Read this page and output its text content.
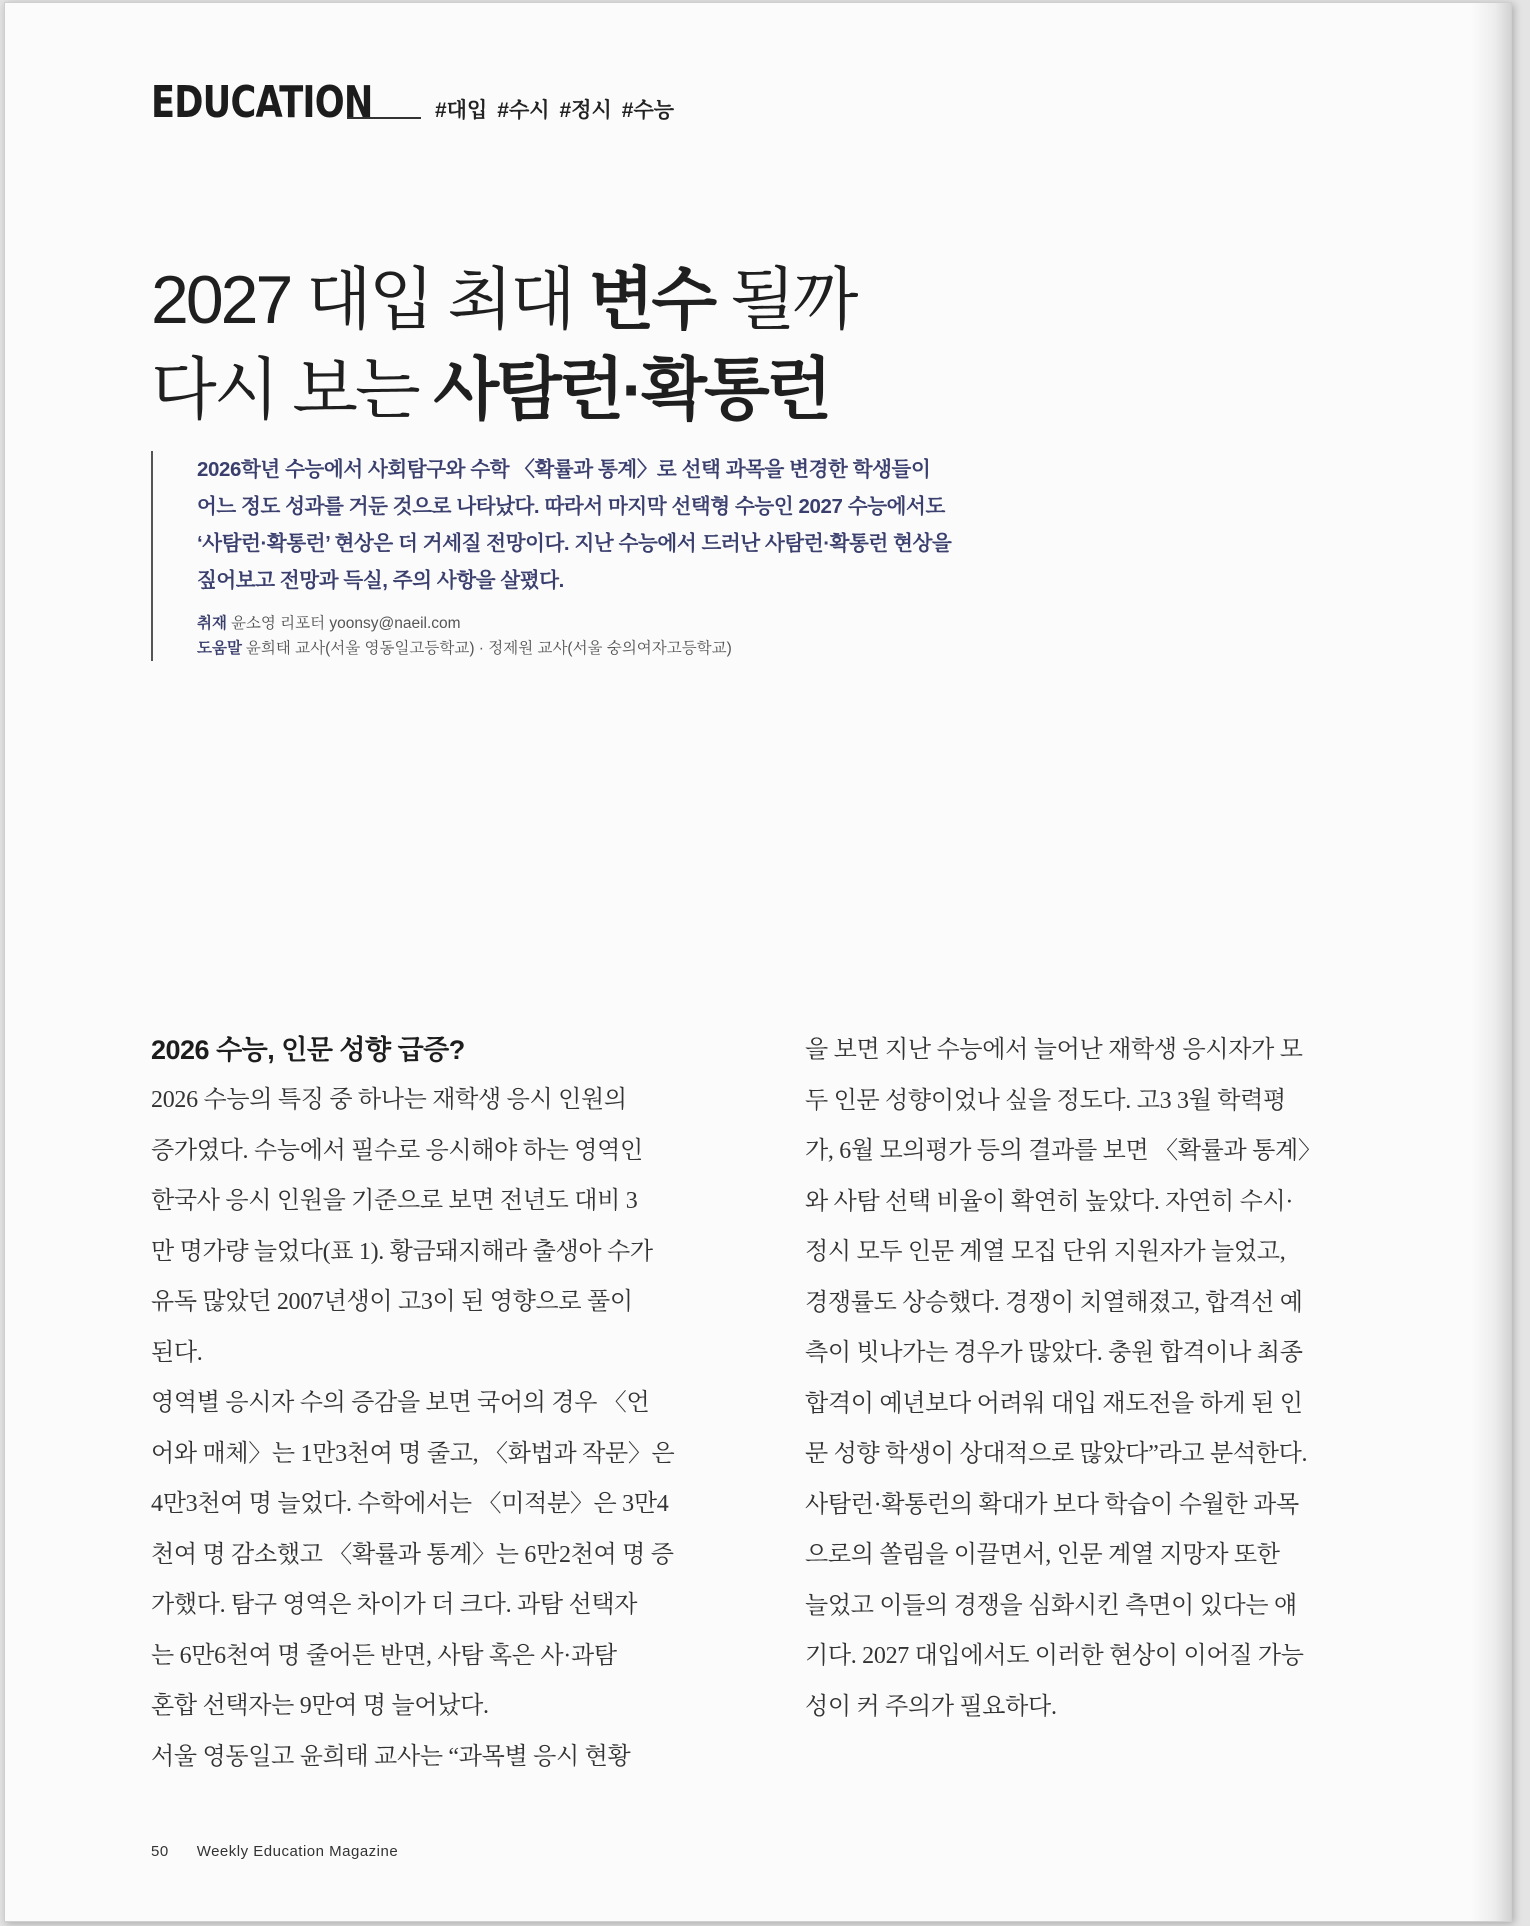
EDUCATION	#대입 #수시 #정시 #수능
2027 대입 최대 변수 될까
다시 보는 사탐런·확통런
2026학년 수능에서 사회탐구와 수학 〈확률과 통계〉로 선택 과목을 변경한 학생들이
어느 정도 성과를 거둔 것으로 나타났다. 따라서 마지막 선택형 수능인 2027 수능에서도
‘사탐런·확통런’ 현상은 더 거세질 전망이다. 지난 수능에서 드러난 사탐런·확통런 현상을
짚어보고 전망과 득실, 주의 사항을 살폈다.
취재 윤소영 리포터 yoonsy@naeil.com
도움말 윤희태 교사(서울 영동일고등학교) · 정제원 교사(서울 숭의여자고등학교)
2026 수능, 인문 성향 급증?
2026 수능의 특징 중 하나는 재학생 응시 인원의
증가였다. 수능에서 필수로 응시해야 하는 영역인
한국사 응시 인원을 기준으로 보면 전년도 대비 3
만 명가량 늘었다(표 1). 황금돼지해라 출생아 수가
유독 많았던 2007년생이 고3이 된 영향으로 풀이
된다.
영역별 응시자 수의 증감을 보면 국어의 경우 〈언
어와 매체〉는 1만3천여 명 줄고, 〈화법과 작문〉은
4만3천여 명 늘었다. 수학에서는 〈미적분〉은 3만4
천여 명 감소했고 〈확률과 통계〉는 6만2천여 명 증
가했다. 탐구 영역은 차이가 더 크다. 과탐 선택자
는 6만6천여 명 줄어든 반면, 사탐 혹은 사·과탐
혼합 선택자는 9만여 명 늘어났다.
서울 영동일고 윤희태 교사는 “과목별 응시 현황
을 보면 지난 수능에서 늘어난 재학생 응시자가 모
두 인문 성향이었나 싶을 정도다. 고3 3월 학력평
가, 6월 모의평가 등의 결과를 보면 〈확률과 통계〉
와 사탐 선택 비율이 확연히 높았다. 자연히 수시·
정시 모두 인문 계열 모집 단위 지원자가 늘었고,
경쟁률도 상승했다. 경쟁이 치열해졌고, 합격선 예
측이 빗나가는 경우가 많았다. 충원 합격이나 최종
합격이 예년보다 어려워 대입 재도전을 하게 된 인
문 성향 학생이 상대적으로 많았다”라고 분석한다.
사탐런·확통런의 확대가 보다 학습이 수월한 과목
으로의 쏠림을 이끌면서, 인문 계열 지망자 또한
늘었고 이들의 경쟁을 심화시킨 측면이 있다는 얘
기다. 2027 대입에서도 이러한 현상이 이어질 가능
성이 커 주의가 필요하다.
50 Weekly Education Magazine
